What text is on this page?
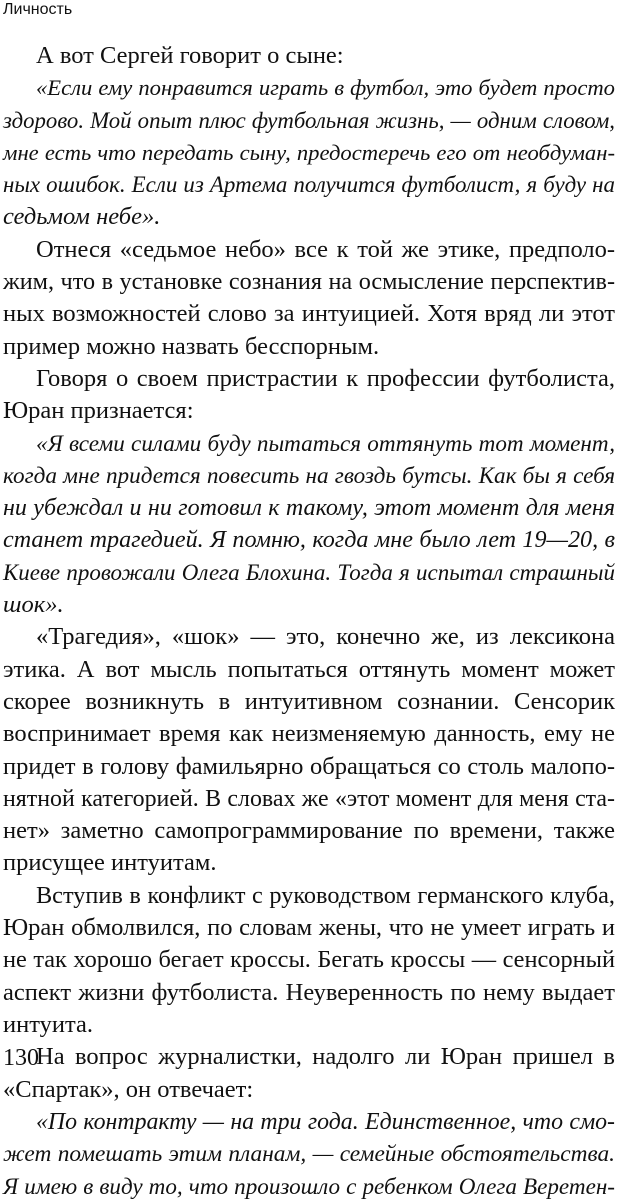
Личность
А вот Сергей говорит о сыне:
«Если ему понравится играть в футбол, это будет просто
здорово. Мой опыт плюс футбольная жизнь, — одним словом,
мне есть что передать сыну, предостеречь его от необдуман-
ных ошибок. Если из Артема получится футболист, я буду на
седьмом небе».
Отнеся «седьмое небо» все к той же этике, предполо-
жим, что в установке сознания на осмысление перспектив-
ных возможностей слово за интуицией. Хотя вряд ли этот
пример можно назвать бесспорным.
Говоря о своем пристрастии к профессии футболиста,
Юран признается:
«Я всеми силами буду пытаться оттянуть тот момент,
когда мне придется повесить на гвоздь бутсы. Как бы я себя
ни убеждал и ни готовил к такому, этот момент для меня
станет трагедией. Я помню, когда мне было лет 19—20, в
Киеве провожали Олега Блохина. Тогда я испытал страшный
шок».
«Трагедия», «шок» — это, конечно же, из лексикона
этика. А вот мысль попытаться оттянуть момент может
скорее возникнуть в интуитивном сознании. Сенсорик
воспринимает время как неизменяемую данность, ему не
придет в голову фамильярно обращаться со столь малопо-
нятной категорией. В словах же «этот момент для меня ста-
нет» заметно самопрограммирование по времени, также
присущее интуитам.
Вступив в конфликт с руководством германского клуба,
Юран обмолвился, по словам жены, что не умеет играть и
не так хорошо бегает кроссы. Бегать кроссы — сенсорный
аспект жизни футболиста. Неуверенность по нему выдает
интуита.
На вопрос журналистки, надолго ли Юран пришел в
«Спартак», он отвечает:
«По контракту — на три года. Единственное, что смо-
жет помешать этим планам, — семейные обстоятельства.
Я имею в виду то, что произошло с ребенком Олега Веретен-
130
